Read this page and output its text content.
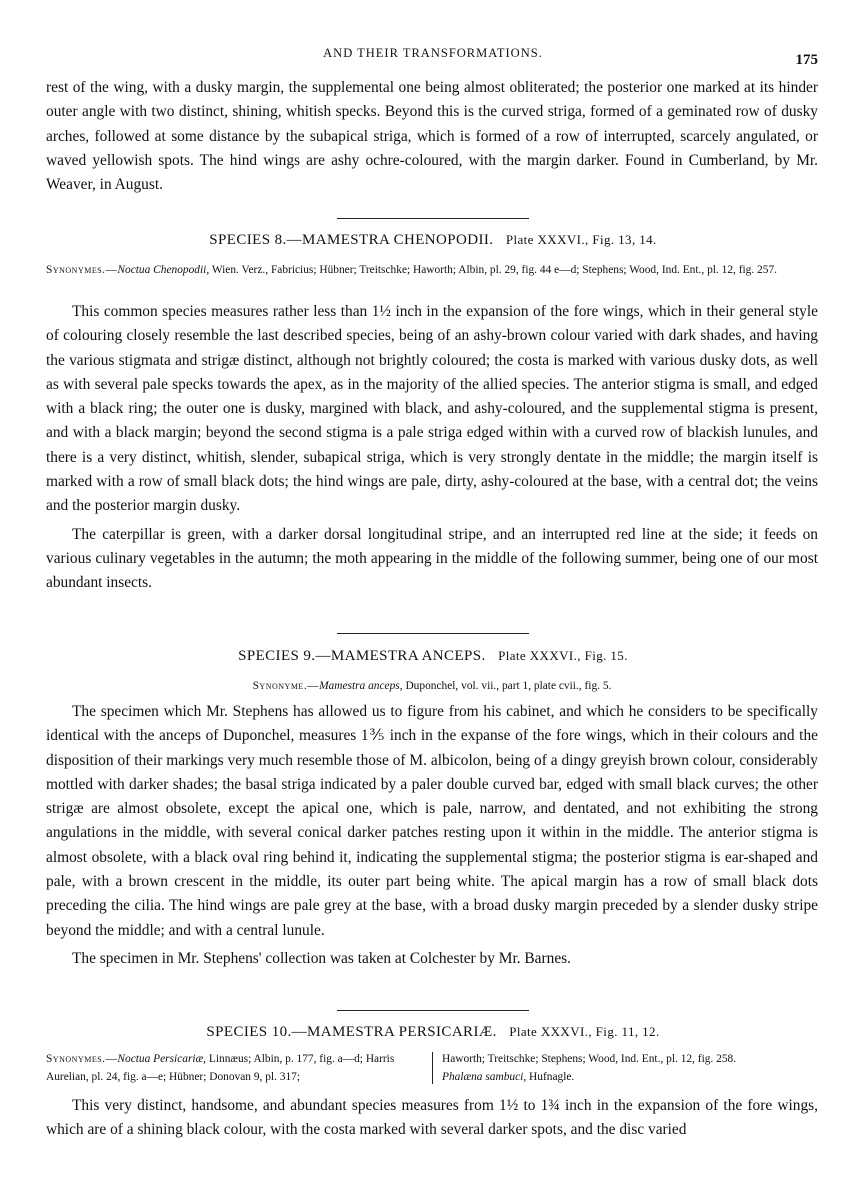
AND THEIR TRANSFORMATIONS.	175

rest of the wing, with a dusky margin, the supplemental one being almost obliterated; the posterior one marked at its hinder outer angle with two distinct, shining, whitish specks. Beyond this is the curved striga, formed of a geminated row of dusky arches, followed at some distance by the subapical striga, which is formed of a row of interrupted, scarcely angulated, or waved yellowish spots. The hind wings are ashy ochre-coloured, with the margin darker. Found in Cumberland, by Mr. Weaver, in August.

SPECIES 8.—MAMESTRA CHENOPODII. Plate XXXVI., Fig. 13, 14.
Synonymes.—Noctua Chenopodii, Wien. Verz., Fabricius; Hübner; Treitschke; Haworth; Albin, pl. 29, fig. 44 e—d; Stephens; Wood, Ind. Ent., pl. 12, fig. 257.

This common species measures rather less than 1½ inch in the expansion of the fore wings, which in their general style of colouring closely resemble the last described species, being of an ashy-brown colour varied with dark shades, and having the various stigmata and strigæ distinct, although not brightly coloured; the costa is marked with various dusky dots, as well as with several pale specks towards the apex, as in the majority of the allied species. The anterior stigma is small, and edged with a black ring; the outer one is dusky, margined with black, and ashy-coloured, and the supplemental stigma is present, and with a black margin; beyond the second stigma is a pale striga edged within with a curved row of blackish lunules, and there is a very distinct, whitish, slender, subapical striga, which is very strongly dentate in the middle; the margin itself is marked with a row of small black dots; the hind wings are pale, dirty, ashy-coloured at the base, with a central dot; the veins and the posterior margin dusky.

The caterpillar is green, with a darker dorsal longitudinal stripe, and an interrupted red line at the side; it feeds on various culinary vegetables in the autumn; the moth appearing in the middle of the following summer, being one of our most abundant insects.

SPECIES 9.—MAMESTRA ANCEPS. Plate XXXVI., Fig. 15.
Synonyme.—Mamestra anceps, Duponchel, vol. vii., part 1, plate cvii., fig. 5.

The specimen which Mr. Stephens has allowed us to figure from his cabinet, and which he considers to be specifically identical with the anceps of Duponchel, measures 1⅗ inch in the expanse of the fore wings, which in their colours and the disposition of their markings very much resemble those of M. albicolon, being of a dingy greyish brown colour, considerably mottled with darker shades; the basal striga indicated by a paler double curved bar, edged with small black curves; the other strigæ are almost obsolete, except the apical one, which is pale, narrow, and dentated, and not exhibiting the strong angulations in the middle, with several conical darker patches resting upon it within in the middle. The anterior stigma is almost obsolete, with a black oval ring behind it, indicating the supplemental stigma; the posterior stigma is ear-shaped and pale, with a brown crescent in the middle, its outer part being white. The apical margin has a row of small black dots preceding the cilia. The hind wings are pale grey at the base, with a broad dusky margin preceded by a slender dusky stripe beyond the middle; and with a central lunule.

The specimen in Mr. Stephens' collection was taken at Colchester by Mr. Barnes.

SPECIES 10.—MAMESTRA PERSICARIÆ. Plate XXXVI., Fig. 11, 12.
Synonymes.—Noctua Persicariæ, Linnæus; Albin, p. 177, fig. a—d; Harris Aurelian, pl. 24, fig. a—e; Hübner; Donovan 9, pl. 317;
Haworth; Treitschke; Stephens; Wood, Ind. Ent., pl. 12, fig. 258.
Phalæna sambuci, Hufnagle.

This very distinct, handsome, and abundant species measures from 1½ to 1¾ inch in the expansion of the fore wings, which are of a shining black colour, with the costa marked with several darker spots, and the disc varied
